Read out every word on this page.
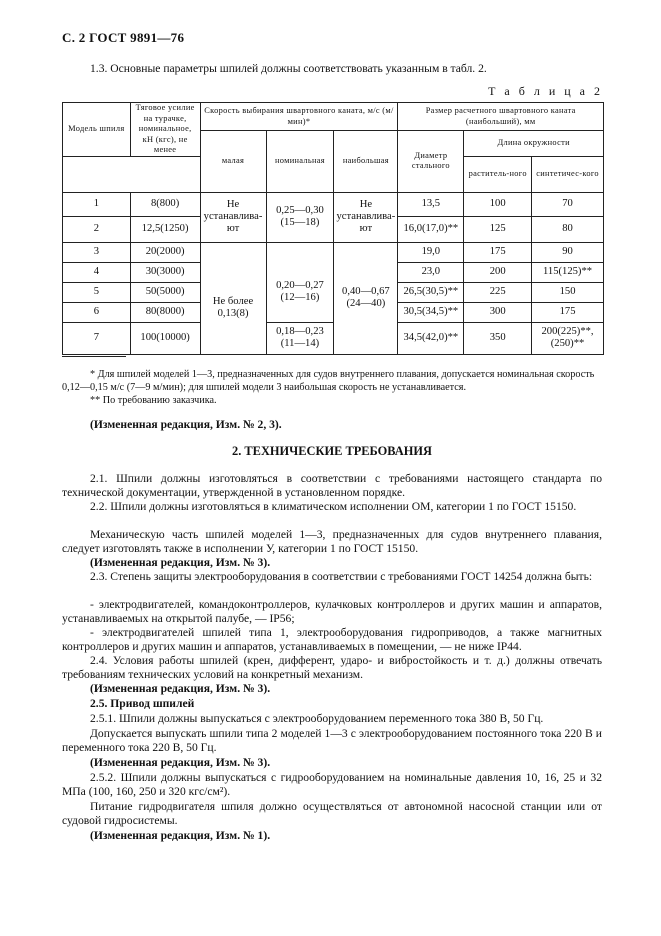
С. 2 ГОСТ 9891—76
1.3. Основные параметры шпилей должны соответствовать указанным в табл. 2.
Т а б л и ц а 2
Модель шпиля	Тяговое усилие на турачке, номинальное, кН (кгс), не менее	Скорость выбирания швартовного каната, м/с (м/мин)*			Размер расчетного швартовного каната (наибольший), мм		
		малая	номинальная	наибольшая	Диаметр стального	Длина окружности	
						раститель-ного	синтетичес-кого
1	8(800)	Не устанавлива-ют	0,25—0,30 (15—18)	Не устанавлива-ют	13,5	100	70
2	12,5(1250)				16,0(17,0)**	125	80
3	20(2000)			0,40—0,67 (24—40)	19,0	175	90
4	30(3000)	Не более 0,13(8)	0,20—0,27 (12—16)		23,0	200	115(125)**
5	50(5000)				26,5(30,5)**	225	150
6	80(8000)				30,5(34,5)**	300	175
7	100(10000)		0,18—0,23 (11—14)		34,5(42,0)**	350	200(225)**, (250)**
* Для шпилей моделей 1—3, предназначенных для судов внутреннего плавания, допускается номинальная скорость 0,12—0,15 м/с (7—9 м/мин); для шпилей модели 3 наибольшая скорость не устанавливается.
** По требованию заказчика.
(Измененная редакция, Изм. № 2, 3).
2. ТЕХНИЧЕСКИЕ ТРЕБОВАНИЯ
2.1. Шпили должны изготовляться в соответствии с требованиями настоящего стандарта по технической документации, утвержденной в установленном порядке.
2.2. Шпили должны изготовляться в климатическом исполнении ОМ, категории 1 по ГОСТ 15150.
Механическую часть шпилей моделей 1—3, предназначенных для судов внутреннего плавания, следует изготовлять также в исполнении У, категории 1 по ГОСТ 15150.
(Измененная редакция, Изм. № 3).
2.3. Степень защиты электрооборудования в соответствии с требованиями ГОСТ 14254 должна быть:
- электродвигателей, командоконтроллеров, кулачковых контроллеров и других машин и аппаратов, устанавливаемых на открытой палубе, — IP56;
- электродвигателей шпилей типа 1, электрооборудования гидроприводов, а также магнитных контроллеров и других машин и аппаратов, устанавливаемых в помещении, — не ниже IP44.
2.4. Условия работы шпилей (крен, дифферент, ударо- и вибростойкость и т. д.) должны отвечать требованиям технических условий на конкретный механизм.
(Измененная редакция, Изм. № 3).
2.5. Привод шпилей
2.5.1. Шпили должны выпускаться с электрооборудованием переменного тока 380 В, 50 Гц.
Допускается выпускать шпили типа 2 моделей 1—3 с электрооборудованием постоянного тока 220 В и переменного тока 220 В, 50 Гц.
(Измененная редакция, Изм. № 3).
2.5.2. Шпили должны выпускаться с гидрооборудованием на номинальные давления 10, 16, 25 и 32 МПа (100, 160, 250 и 320 кгс/см²).
Питание гидродвигателя шпиля должно осуществляться от автономной насосной станции или от судовой гидросистемы.
(Измененная редакция, Изм. № 1).
